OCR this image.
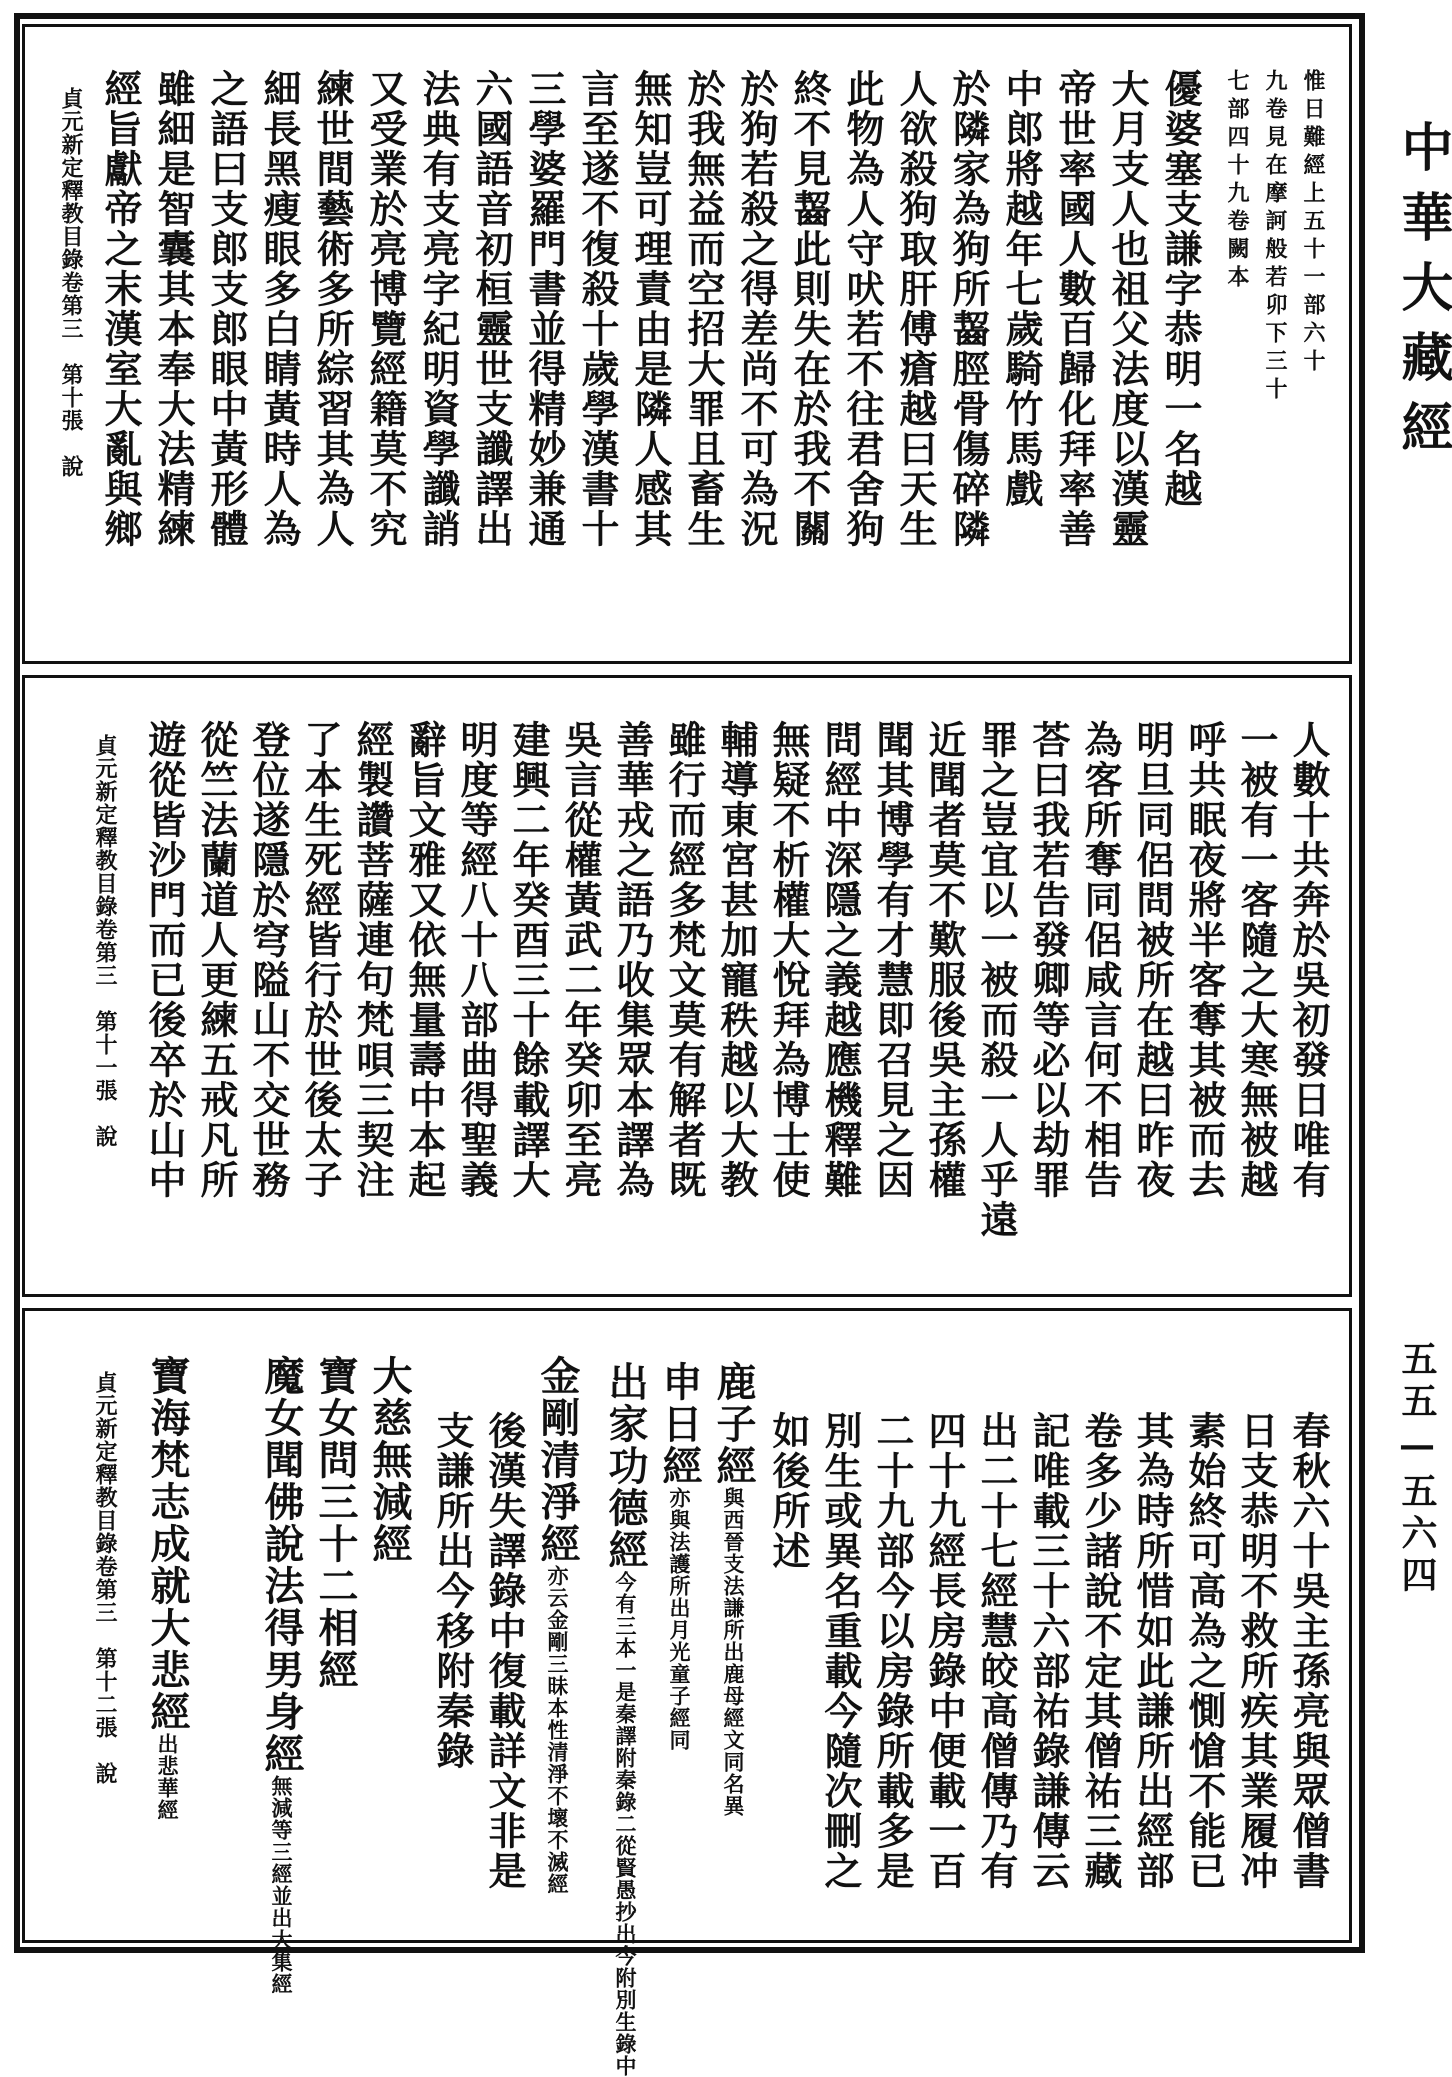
惟日難經上五十一部六十
九卷見在摩訶般若卯下三十
七部四十九卷闕本
優婆塞支謙字恭明一名越
大月支人也祖父法度以漢靈
帝世率國人數百歸化拜率善
中郎將越年七歲騎竹馬戲
於隣家為狗所齧脛骨傷碎隣
人欲殺狗取肝傅瘡越曰天生
此物為人守吠若不往君舍狗
終不見齧此則失在於我不關
於狗若殺之得差尚不可為況
於我無益而空招大罪且畜生
無知豈可理責由是隣人感其
言至遂不復殺十歲學漢書十
三學婆羅門書並得精妙兼通
六國語音初桓靈世支讖譯出
法典有支亮字紀明資學讖誚
又受業於亮博覽經籍莫不究
練世間藝術多所綜習其為人
細長黑瘦眼多白睛黃時人為
之語曰支郎支郎眼中黃形體
雖細是智囊其本奉大法精練
經旨獻帝之末漢室大亂與鄉
貞元新定釋教目錄卷第三　第十張　說
人數十共奔於吳初發日唯有
一被有一客隨之大寒無被越
呼共眠夜將半客奪其被而去
明旦同侶問被所在越曰昨夜
為客所奪同侶咸言何不相告
荅曰我若告發卿等必以劫罪
罪之豈宜以一被而殺一人乎遠
近聞者莫不歎服後吳主孫權
聞其博學有才慧即召見之因
問經中深隱之義越應機釋難
無疑不析權大悅拜為博士使
輔導東宮甚加寵秩越以大教
雖行而經多梵文莫有解者既
善華戎之語乃收集眾本譯為
吳言從權黃武二年癸卯至亮
建興二年癸酉三十餘載譯大
明度等經八十八部曲得聖義
辭旨文雅又依無量壽中本起
經製讚菩薩連句梵唄三契注
了本生死經皆行於世後太子
登位遂隱於穹隘山不交世務
從竺法蘭道人更練五戒凡所
遊從皆沙門而已後卒於山中
貞元新定釋教目錄卷第三　第十一張　說
春秋六十吳主孫亮與眾僧書
日支恭明不救所疾其業履冲
素始終可高為之惻愴不能已
其為時所惜如此謙所出經部
卷多少諸說不定其僧祐三藏
記唯載三十六部祐錄謙傳云
出二十七經慧皎高僧傳乃有
四十九經長房錄中便載一百
二十九部今以房錄所載多是
別生或異名重載今隨次刪之
如後所述
鹿子經與西晉支法謙所出鹿母經文同名異
申日經亦與法護所出月光童子經同
出家功德經今有三本一是秦譯附秦錄二從賢愚抄出今附別生錄中
金剛清淨經亦云金剛三昧本性清淨不壞不滅經
後漢失譯錄中復載詳文非是
支謙所出今移附秦錄
大慈無減經
寶女問三十二相經
魔女聞佛說法得男身經無減等三經並出大集經
寶海梵志成就大悲經出悲華經
貞元新定釋教目錄卷第三　第十二張　說
中華大藏經
五五—五六四
